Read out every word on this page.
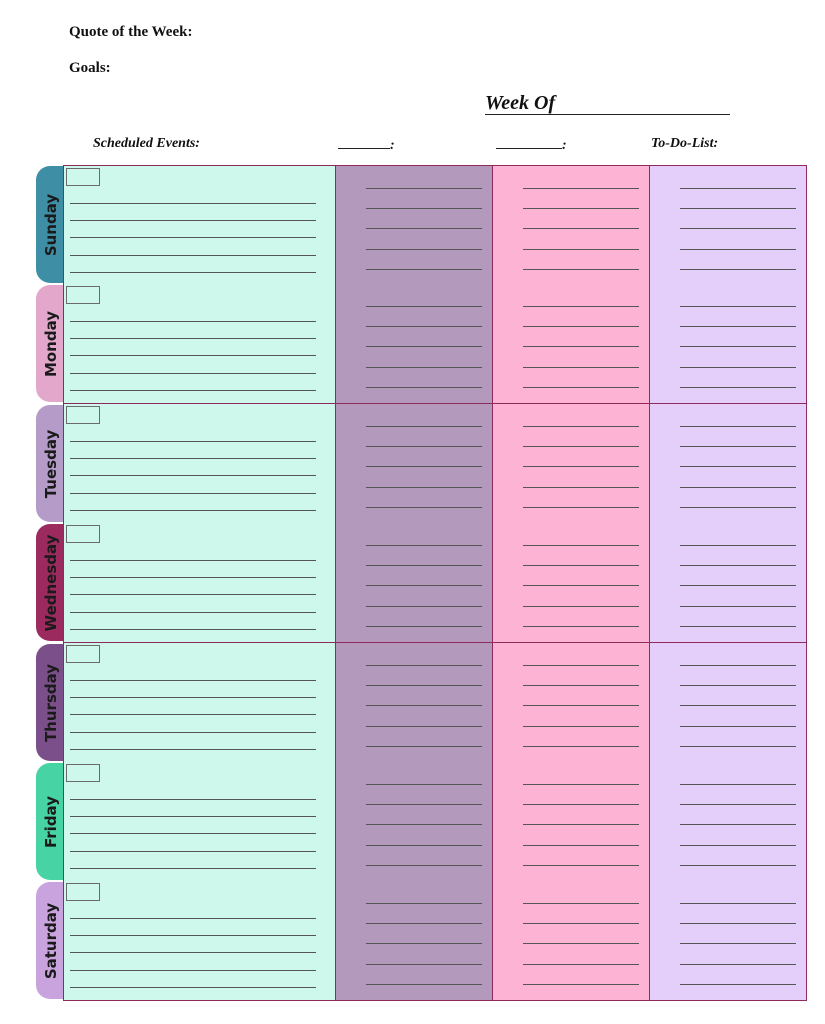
Quote of the Week:
Goals:
Week Of
Scheduled Events:	:	:	To-Do-List:
Sunday
Monday
Tuesday
Wednesday
Thursday
Friday
Saturday
